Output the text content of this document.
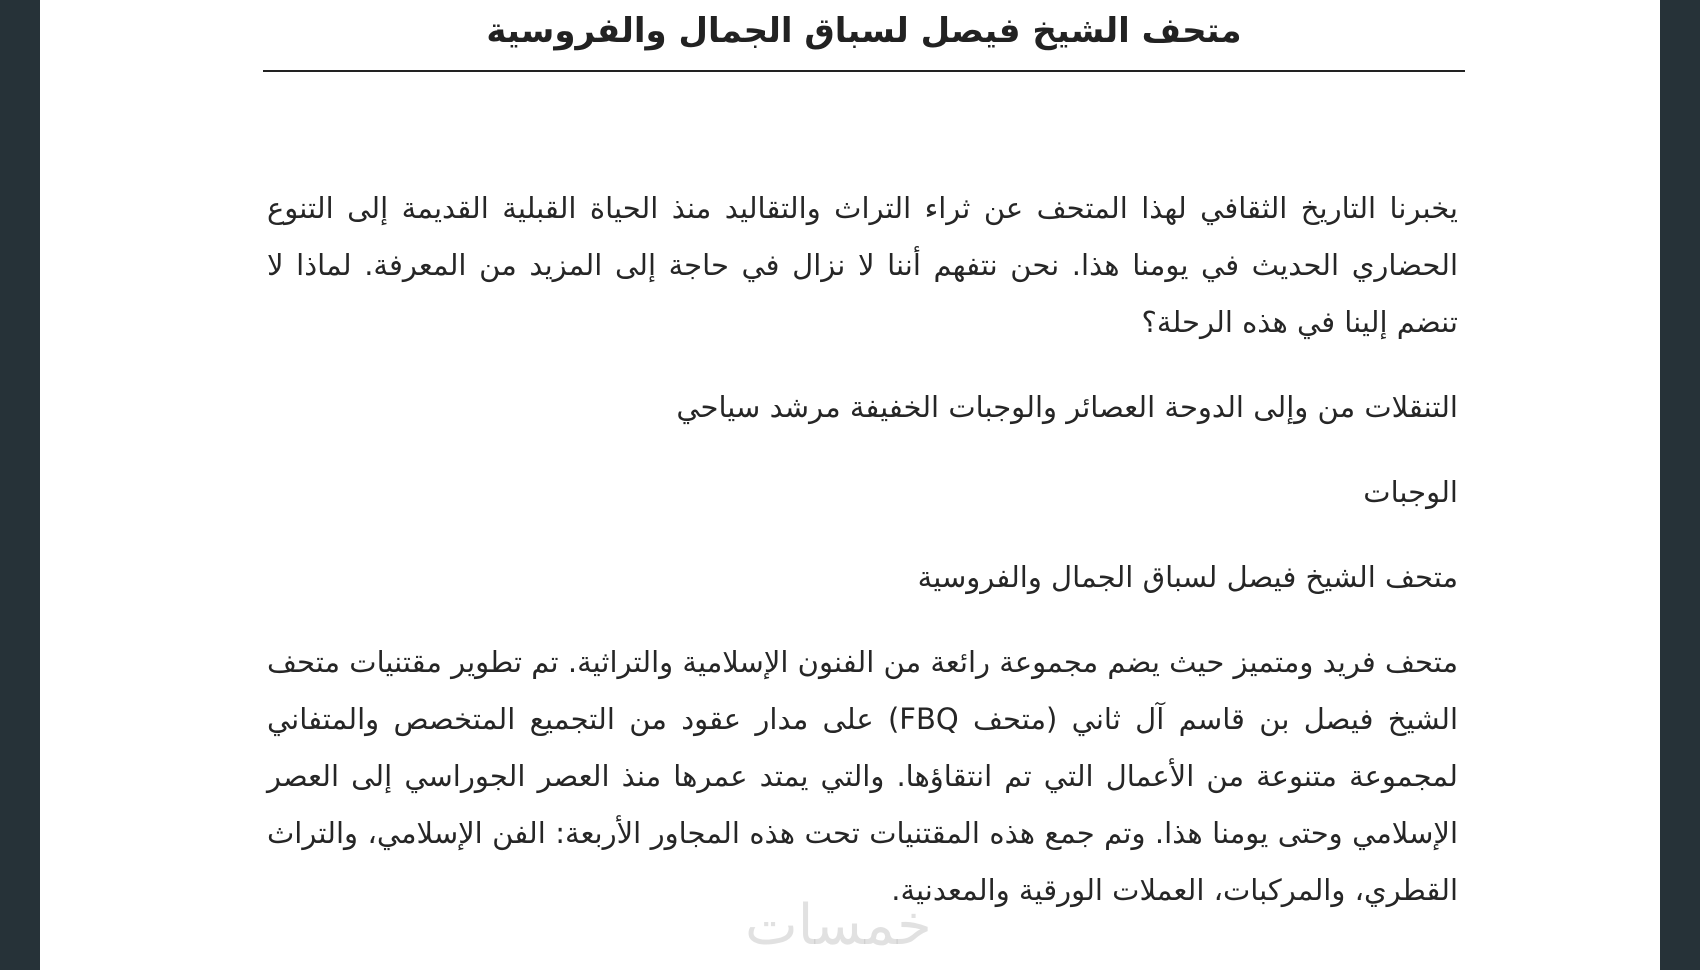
متحف الشيخ فيصل لسباق الجمال والفروسية

يخبرنا التاريخ الثقافي لهذا المتحف عن ثراء التراث والتقاليد منذ الحياة القبلية القديمة إلى التنوع الحضاري الحديث في يومنا هذا. نحن نتفهم أننا لا نزال في حاجة إلى المزيد من المعرفة. لماذا لا تنضم إلينا في هذه الرحلة؟

التنقلات من وإلى الدوحة العصائر والوجبات الخفيفة مرشد سياحي

الوجبات

متحف الشيخ فيصل لسباق الجمال والفروسية

متحف فريد ومتميز حيث يضم مجموعة رائعة من الفنون الإسلامية والتراثية. تم تطوير مقتنيات متحف الشيخ فيصل بن قاسم آل ثاني (متحف FBQ) على مدار عقود من التجميع المتخصص والمتفاني لمجموعة متنوعة من الأعمال التي تم انتقاؤها. والتي يمتد عمرها منذ العصر الجوراسي إلى العصر الإسلامي وحتى يومنا هذا. وتم جمع هذه المقتنيات تحت هذه المجاور الأربعة: الفن الإسلامي، والتراث القطري، والمركبات، العملات الورقية والمعدنية.

خمسات
